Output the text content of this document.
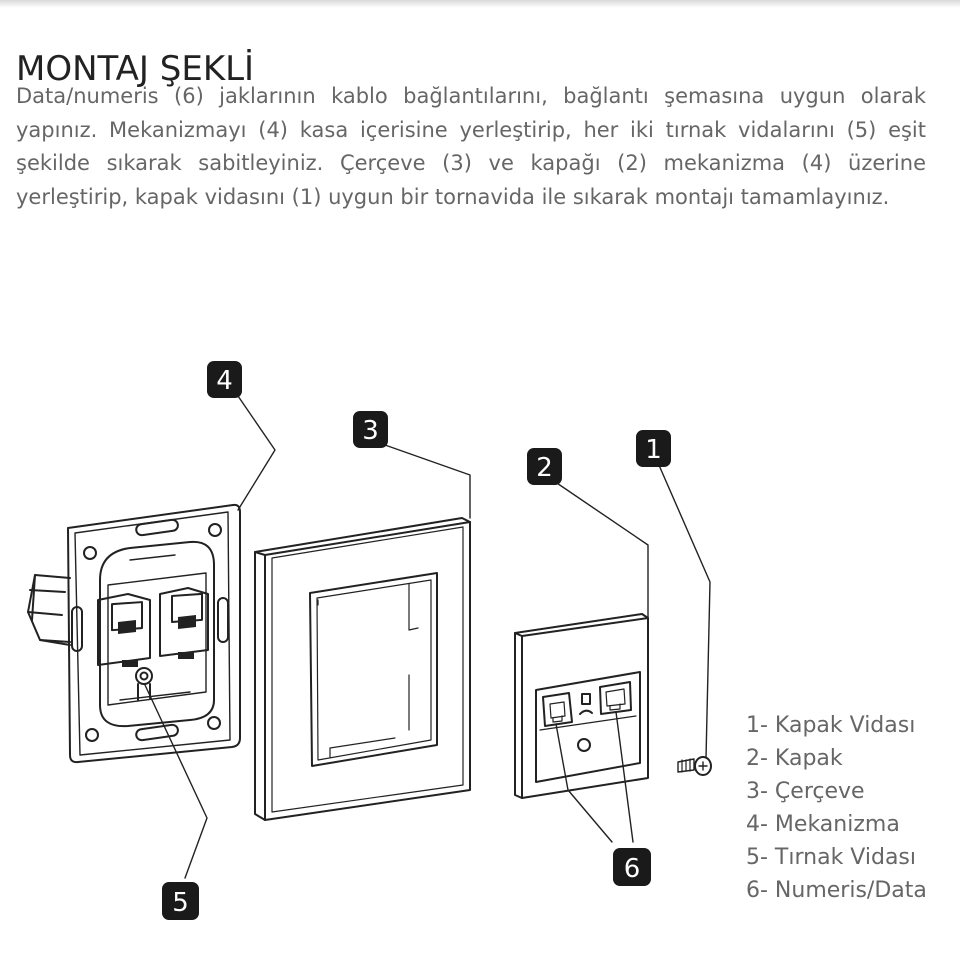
MONTAJ ŞEKLİ

Data/numeris (6) jaklarının kablo bağlantılarını, bağlantı şemasına uygun olarak yapınız. Mekanizmayı (4) kasa içerisine yerleştirip, her iki tırnak vidalarını (5) eşit şekilde sıkarak sabitleyiniz. Çerçeve (3) ve kapağı (2) mekanizma (4) üzerine yerleştirip, kapak vidasını (1) uygun bir tornavida ile sıkarak montajı tamamlayınız.

4
3
2
1
6
5
1- Kapak Vidası
2- Kapak
3- Çerçeve
4- Mekanizma
5- Tırnak Vidası
6- Numeris/Data
